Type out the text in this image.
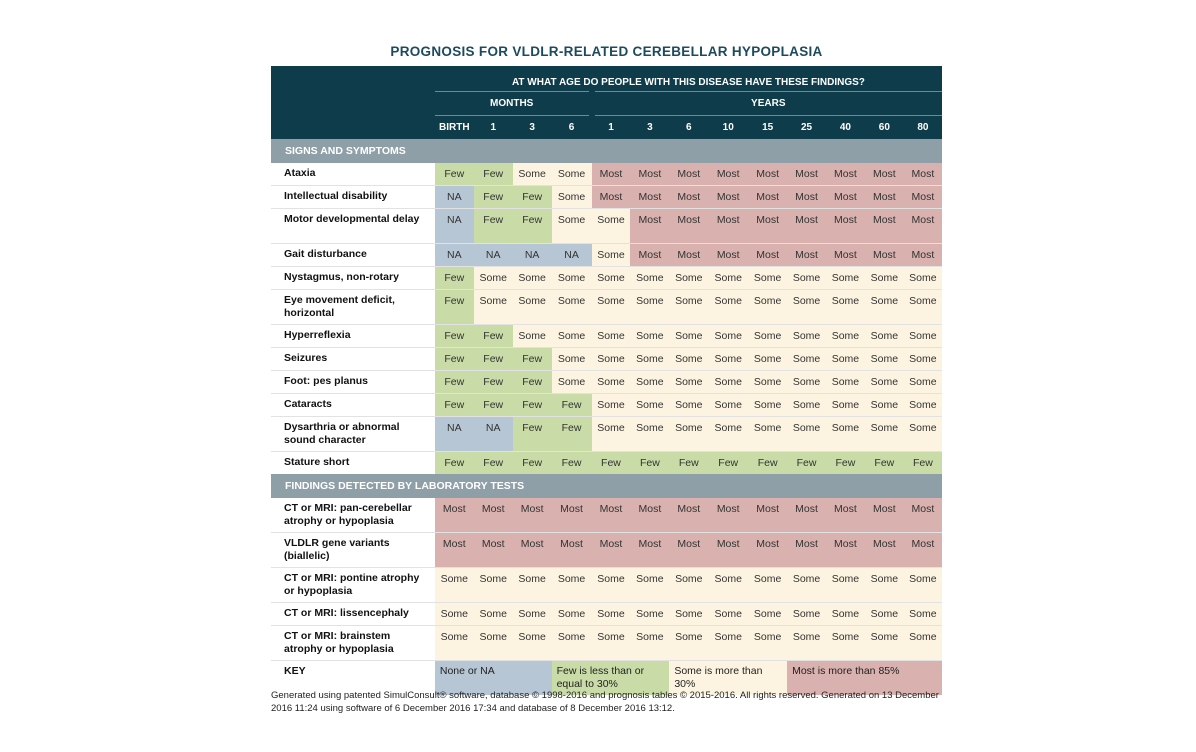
PROGNOSIS FOR VLDLR-RELATED CEREBELLAR HYPOPLASIA
	AT WHAT AGE DO PEOPLE WITH THIS DISEASE HAVE THESE FINDINGS?												
	MONTHS				YEARS								
	BIRTH	1	3	6	1	3	6	10	15	25	40	60	80
SIGNS AND SYMPTOMS													
Ataxia	Few	Few	Some	Some	Most	Most	Most	Most	Most	Most	Most	Most	Most
Intellectual disability	NA	Few	Few	Some	Most	Most	Most	Most	Most	Most	Most	Most	Most
Motor developmental delay	NA	Few	Few	Some	Some	Most	Most	Most	Most	Most	Most	Most	Most
Gait disturbance	NA	NA	NA	NA	Some	Most	Most	Most	Most	Most	Most	Most	Most
Nystagmus, non-rotary	Few	Some	Some	Some	Some	Some	Some	Some	Some	Some	Some	Some	Some
Eye movement deficit, horizontal	Few	Some	Some	Some	Some	Some	Some	Some	Some	Some	Some	Some	Some
Hyperreflexia	Few	Few	Some	Some	Some	Some	Some	Some	Some	Some	Some	Some	Some
Seizures	Few	Few	Few	Some	Some	Some	Some	Some	Some	Some	Some	Some	Some
Foot: pes planus	Few	Few	Few	Some	Some	Some	Some	Some	Some	Some	Some	Some	Some
Cataracts	Few	Few	Few	Few	Some	Some	Some	Some	Some	Some	Some	Some	Some
Dysarthria or abnormal sound character	NA	NA	Few	Few	Some	Some	Some	Some	Some	Some	Some	Some	Some
Stature short	Few	Few	Few	Few	Few	Few	Few	Few	Few	Few	Few	Few	Few
FINDINGS DETECTED BY LABORATORY TESTS													
CT or MRI: pan-cerebellar atrophy or hypoplasia	Most	Most	Most	Most	Most	Most	Most	Most	Most	Most	Most	Most	Most
VLDLR gene variants (biallelic)	Most	Most	Most	Most	Most	Most	Most	Most	Most	Most	Most	Most	Most
CT or MRI: pontine atrophy or hypoplasia	Some	Some	Some	Some	Some	Some	Some	Some	Some	Some	Some	Some	Some
CT or MRI: lissencephaly	Some	Some	Some	Some	Some	Some	Some	Some	Some	Some	Some	Some	Some
CT or MRI: brainstem atrophy or hypoplasia	Some	Some	Some	Some	Some	Some	Some	Some	Some	Some	Some	Some	Some
KEY	None or NA			Few is less than or equal to 30%			Some is more than 30%			Most is more than 85%			
Generated using patented SimulConsult® software, database © 1998-2016 and prognosis tables © 2015-2016. All rights reserved. Generated on 13 December 2016 11:24 using software of 6 December 2016 17:34 and database of 8 December 2016 13:12.
